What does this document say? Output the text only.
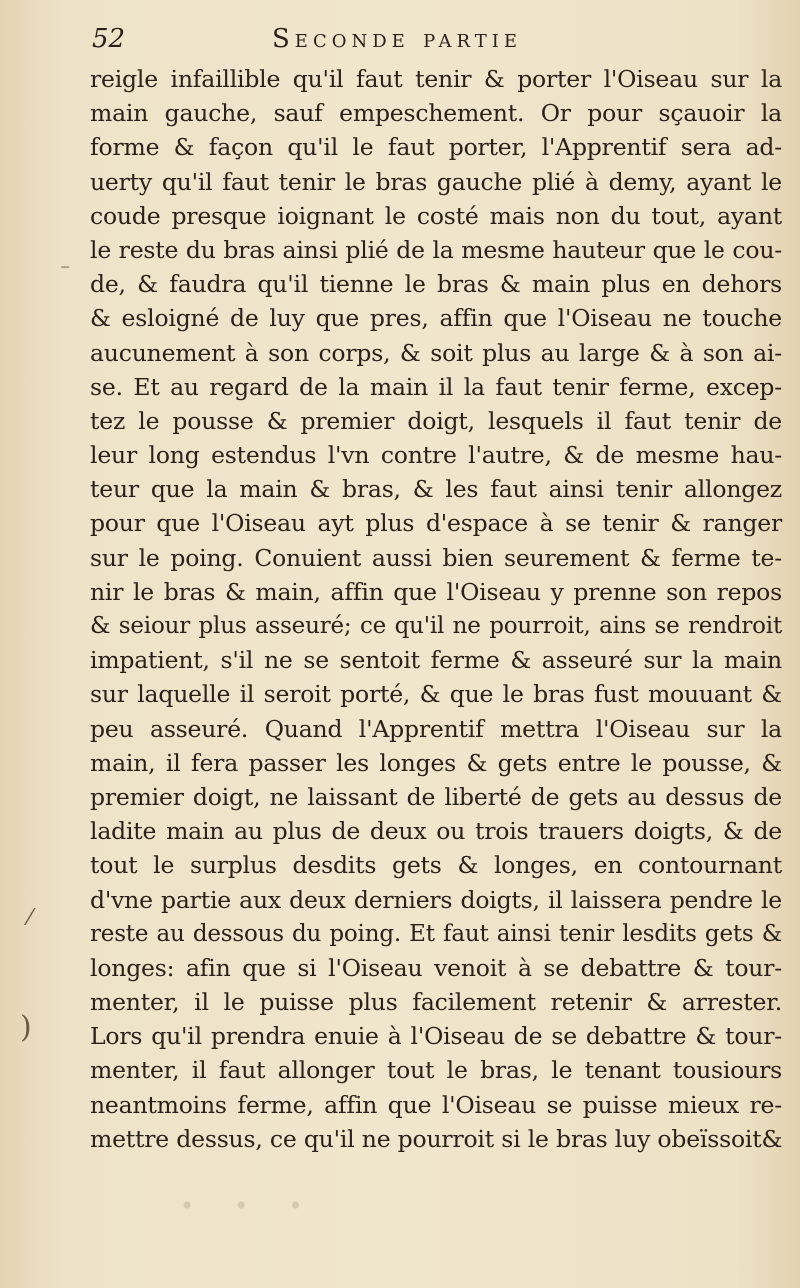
52	Seconde partie
reigle infaillible qu'il faut tenir & porter l'Oiseau sur la
main gauche, sauf empeschement. Or pour sçauoir la
forme & façon qu'il le faut porter, l'Apprentif sera ad-
uerty qu'il faut tenir le bras gauche plié à demy, ayant le
coude presque ioignant le costé mais non du tout, ayant
le reste du bras ainsi plié de la mesme hauteur que le cou-
de, & faudra qu'il tienne le bras & main plus en dehors
& esloigné de luy que pres, affin que l'Oiseau ne touche
aucunement à son corps, & soit plus au large & à son ai-
se. Et au regard de la main il la faut tenir ferme, excep-
tez le pousse & premier doigt, lesquels il faut tenir de
leur long estendus l'vn contre l'autre, & de mesme hau-
teur que la main & bras, & les faut ainsi tenir allongez
pour que l'Oiseau ayt plus d'espace à se tenir & ranger
sur le poing. Conuient aussi bien seurement & ferme te-
nir le bras & main, affin que l'Oiseau y prenne son repos
& seiour plus asseuré; ce qu'il ne pourroit, ains se rendroit
impatient, s'il ne se sentoit ferme & asseuré sur la main
sur laquelle il seroit porté, & que le bras fust mouuant &
peu asseuré. Quand l'Apprentif mettra l'Oiseau sur la
main, il fera passer les longes & gets entre le pousse, &
premier doigt, ne laissant de liberté de gets au dessus de
ladite main au plus de deux ou trois trauers doigts, & de
tout le surplus desdits gets & longes, en contournant
d'vne partie aux deux derniers doigts, il laissera pendre le
reste au dessous du poing. Et faut ainsi tenir lesdits gets &
longes: afin que si l'Oiseau venoit à se debattre & tour-
menter, il le puisse plus facilement retenir & arrester.
Lors qu'il prendra enuie à l'Oiseau de se debattre & tour-
menter, il faut allonger tout le bras, le tenant tousiours
neantmoins ferme, affin que l'Oiseau se puisse mieux re-
mettre dessus, ce qu'il ne pourroit si le bras luy obeïssoit&
⁻
⁄
)
•••
